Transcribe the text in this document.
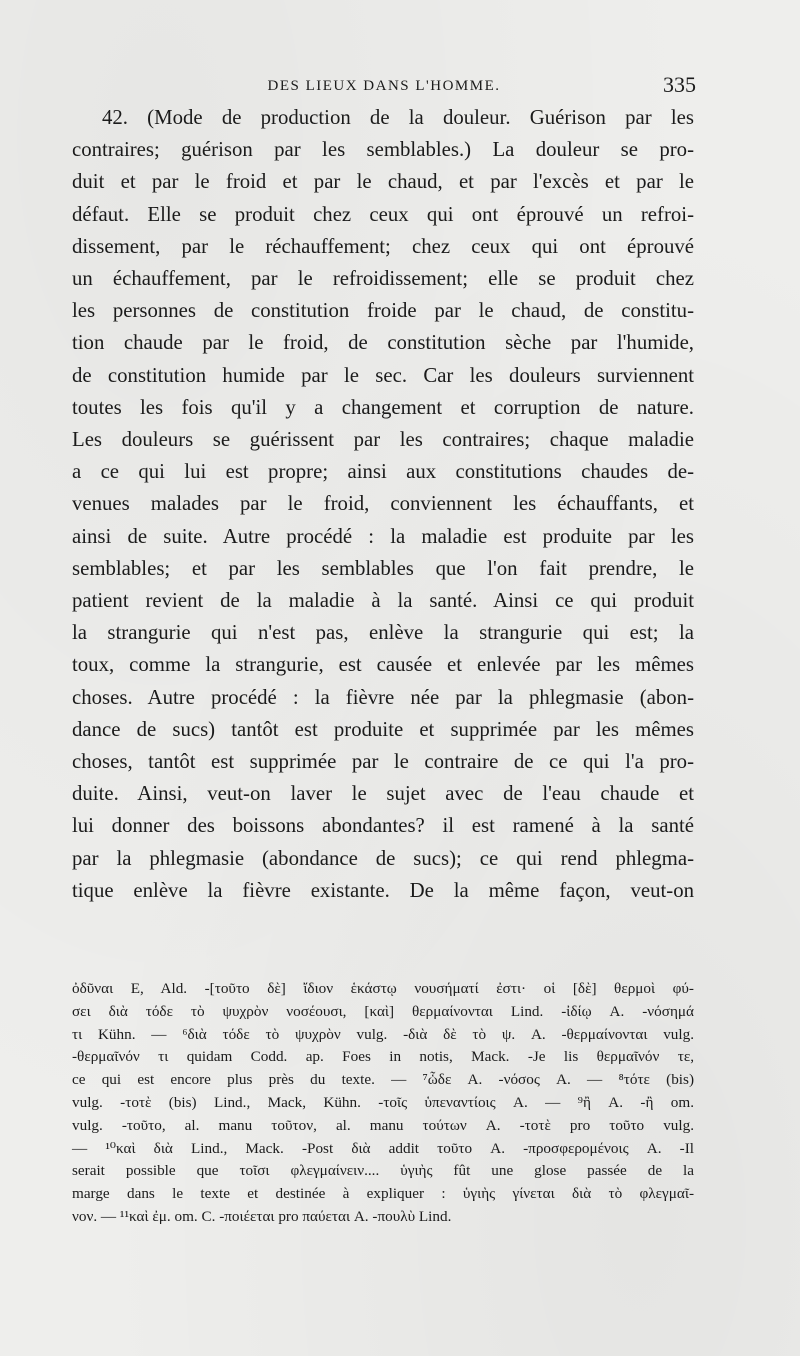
DES LIEUX DANS L'HOMME.	335
42. (Mode de production de la douleur. Guérison par les
contraires; guérison par les semblables.) La douleur se pro-
duit et par le froid et par le chaud, et par l'excès et par le
défaut. Elle se produit chez ceux qui ont éprouvé un refroi-
dissement, par le réchauffement; chez ceux qui ont éprouvé
un échauffement, par le refroidissement; elle se produit chez
les personnes de constitution froide par le chaud, de constitu-
tion chaude par le froid, de constitution sèche par l'humide,
de constitution humide par le sec. Car les douleurs surviennent
toutes les fois qu'il y a changement et corruption de nature.
Les douleurs se guérissent par les contraires; chaque maladie
a ce qui lui est propre; ainsi aux constitutions chaudes de-
venues malades par le froid, conviennent les échauffants, et
ainsi de suite. Autre procédé : la maladie est produite par les
semblables; et par les semblables que l'on fait prendre, le
patient revient de la maladie à la santé. Ainsi ce qui produit
la strangurie qui n'est pas, enlève la strangurie qui est; la
toux, comme la strangurie, est causée et enlevée par les mêmes
choses. Autre procédé : la fièvre née par la phlegmasie (abon-
dance de sucs) tantôt est produite et supprimée par les mêmes
choses, tantôt est supprimée par le contraire de ce qui l'a pro-
duite. Ainsi, veut-on laver le sujet avec de l'eau chaude et
lui donner des boissons abondantes? il est ramené à la santé
par la phlegmasie (abondance de sucs); ce qui rend phlegma-
tique enlève la fièvre existante. De la même façon, veut-on
ὀδῦναι E, Ald. -[τοῦτο δὲ] ἴδιον ἑκάστῳ νουσήματί ἐστι· οἱ [δὲ] θερμοὶ φύ-
σει διὰ τόδε τὸ ψυχρὸν νοσέουσι, [καὶ] θερμαίνονται Lind. -ἰδίῳ A. -νόσημά
τι Kühn. — ⁶διὰ τόδε τὸ ψυχρὸν vulg. -διὰ δὲ τὸ ψ. A. -θερμαίνονται vulg.
-θερμαῖνόν τι quidam Codd. ap. Foes in notis, Mack. -Je lis θερμαῖνόν τε,
ce qui est encore plus près du texte. — ⁷ὧδε A. -νόσος A. — ⁸τότε (bis)
vulg. -τοτὲ (bis) Lind., Mack, Kühn. -τοῖς ὑπεναντίοις A. — ⁹ἢ A. -ἢ om.
vulg. -τοῦτο, al. manu τοῦτον, al. manu τούτων A. -τοτὲ pro τοῦτο vulg.
— ¹⁰καὶ διὰ Lind., Mack. -Post διὰ addit τοῦτο A. -προσφερομένοις A. -Il
serait possible que τοῖσι φλεγμαίνειν.... ὑγιὴς fût une glose passée de la
marge dans le texte et destinée à expliquer : ὑγιὴς γίνεται διὰ τὸ φλεγμαῖ-
νον. — ¹¹καὶ ἐμ. om. C. -ποιέεται pro παύεται A. -πουλὺ Lind.
